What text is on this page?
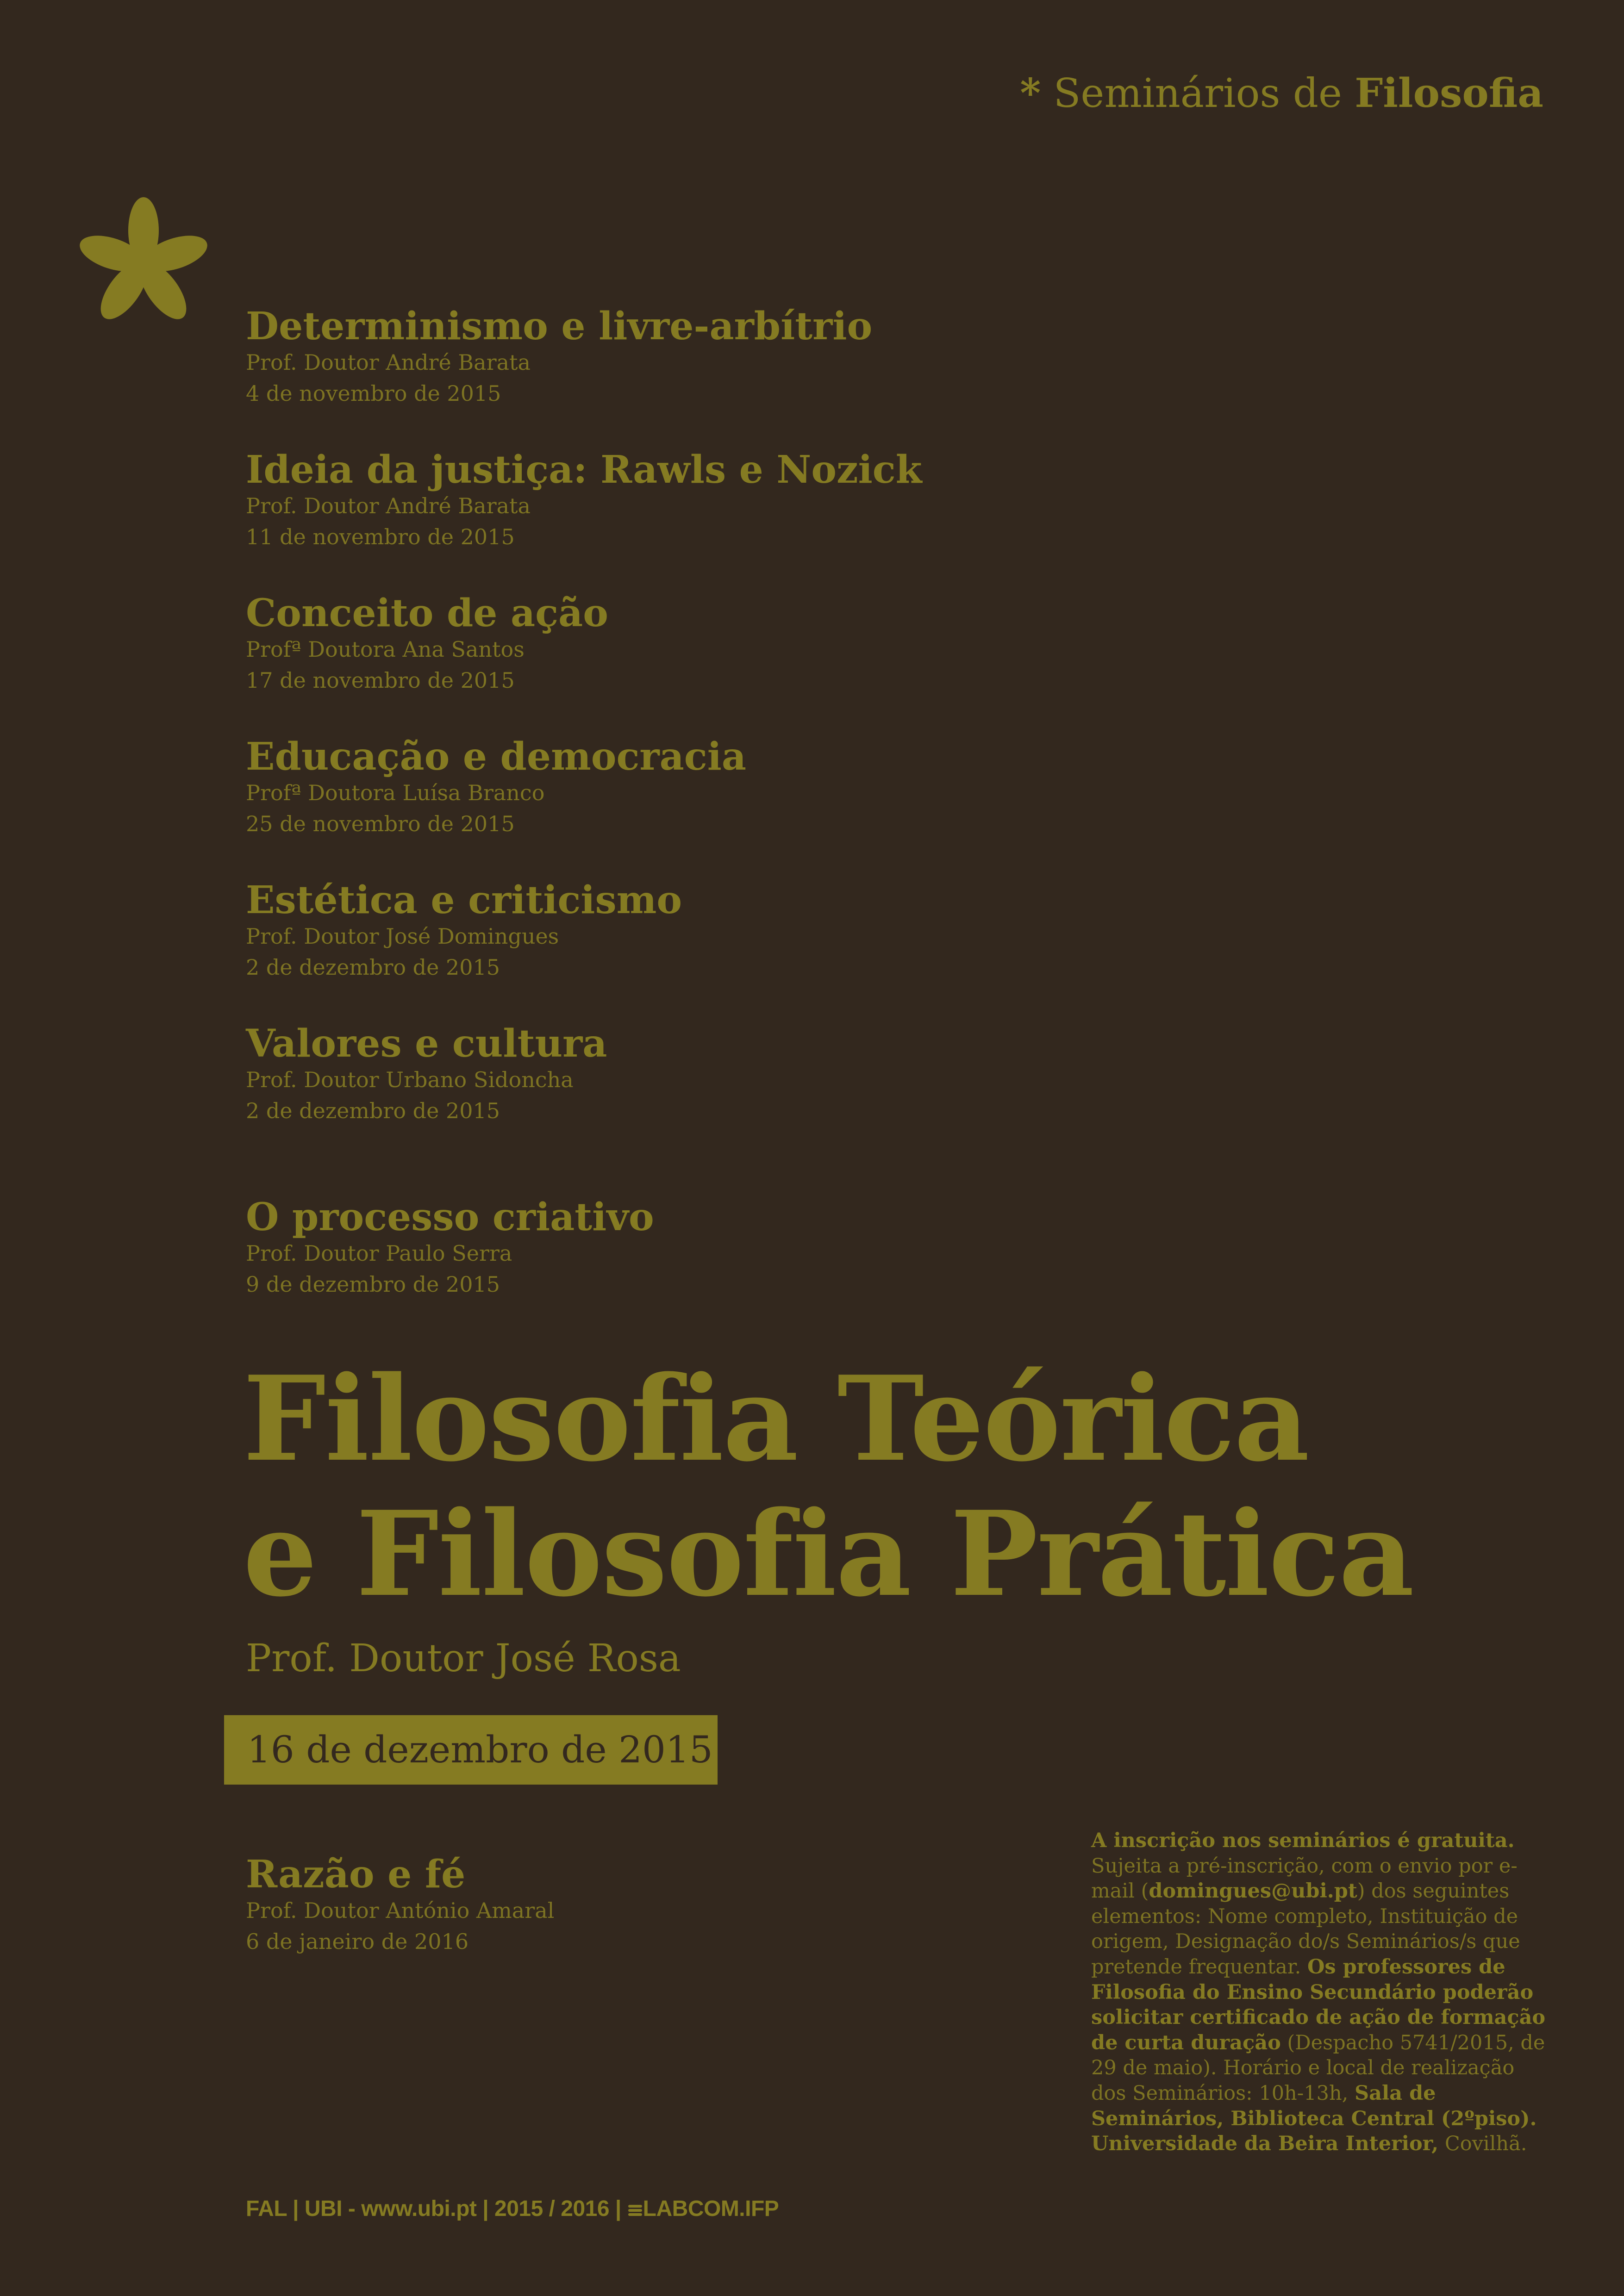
* Seminários de Filosofia

Determinismo e livre-arbítrio

Prof. Doutor André Barata

4 de novembro de 2015

Ideia da justiça: Rawls e Nozick

Prof. Doutor André Barata

11 de novembro de 2015

Conceito de ação

Profª Doutora Ana Santos

17 de novembro de 2015

Educação e democracia

Profª Doutora Luísa Branco

25 de novembro de 2015

Estética e criticismo

Prof. Doutor José Domingues

2 de dezembro de 2015

Valores e cultura

Prof. Doutor Urbano Sidoncha

2 de dezembro de 2015

O processo criativo

Prof. Doutor Paulo Serra

9 de dezembro de 2015

Filosofia Teórica
e Filosofia Prática

Prof. Doutor José Rosa

16 de dezembro de 2015

Razão e fé

Prof. Doutor António Amaral

6 de janeiro de 2016

A inscrição nos seminários é gratuita. Sujeita a pré-inscrição, com o envio por e-mail (domingues@ubi.pt) dos seguintes elementos: Nome completo, Instituição de origem, Designação do/s Seminários/s que pretende frequentar. Os professores de Filosofia do Ensino Secundário poderão solicitar certificado de ação de formação de curta duração (Despacho 5741/2015, de 29 de maio). Horário e local de realização dos Seminários: 10h-13h, Sala de Seminários, Biblioteca Central (2ºpiso). Universidade da Beira Interior, Covilhã.

FAL | UBI - www.ubi.pt | 2015 / 2016 | LABCOM.IFP
